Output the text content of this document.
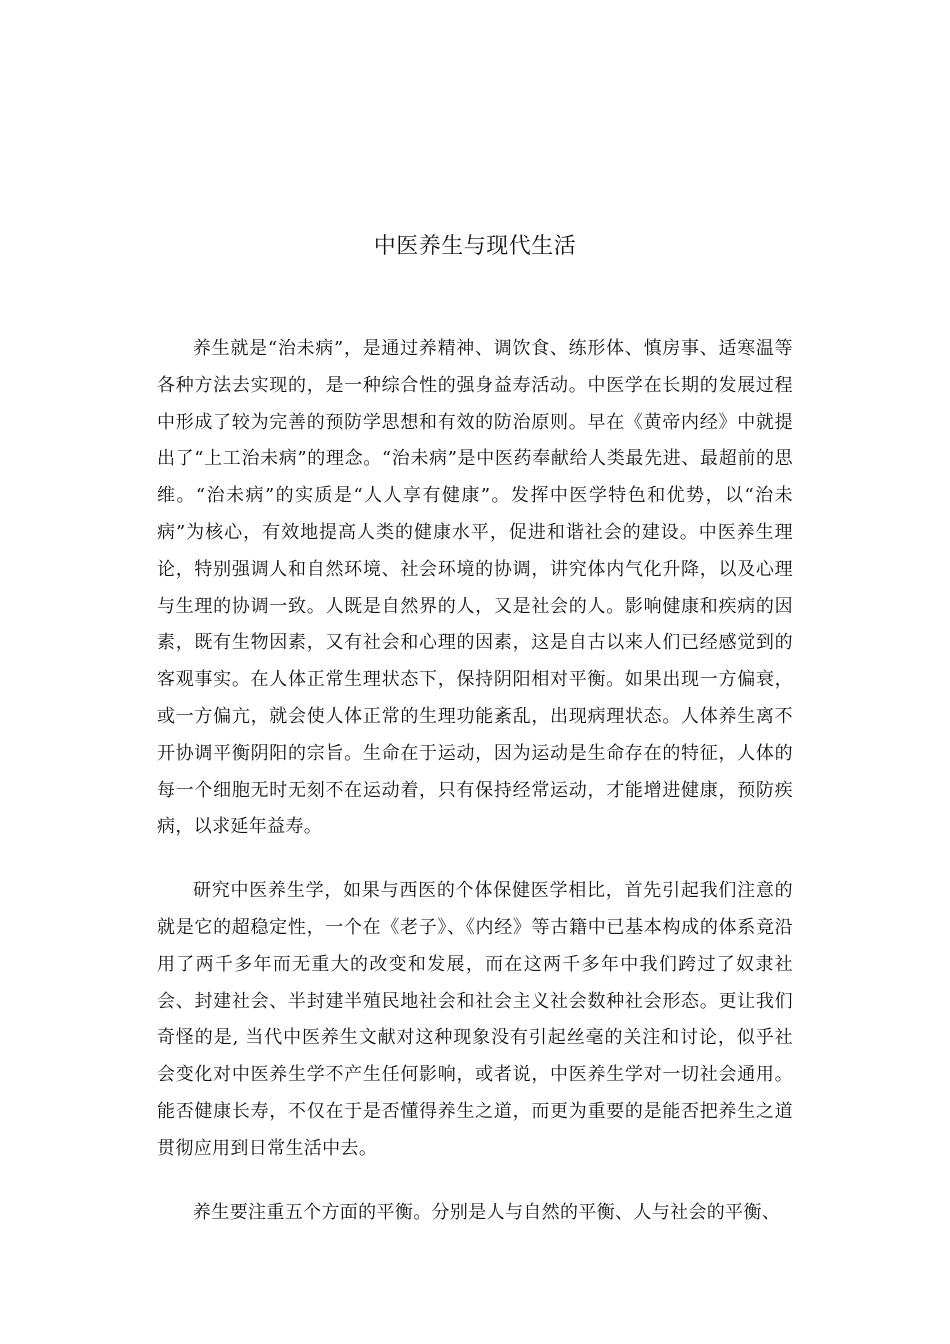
中医养生与现代生活

养生就是“治未病”，是通过养精神、调饮食、练形体、慎房事、适寒温等各种方法去实现的，是一种综合性的强身益寿活动。中医学在长期的发展过程中形成了较为完善的预防学思想和有效的防治原则。早在《黄帝内经》中就提出了“上工治未病”的理念。“治未病”是中医药奉献给人类最先进、最超前的思维。“治未病”的实质是“人人享有健康”。发挥中医学特色和优势，以“治未病”为核心，有效地提高人类的健康水平，促进和谐社会的建设。中医养生理论，特别强调人和自然环境、社会环境的协调，讲究体内气化升降，以及心理与生理的协调一致。人既是自然界的人，又是社会的人。影响健康和疾病的因素，既有生物因素，又有社会和心理的因素，这是自古以来人们已经感觉到的客观事实。在人体正常生理状态下，保持阴阳相对平衡。如果出现一方偏衰，或一方偏亢，就会使人体正常的生理功能紊乱，出现病理状态。人体养生离不开协调平衡阴阳的宗旨。生命在于运动，因为运动是生命存在的特征，人体的每一个细胞无时无刻不在运动着，只有保持经常运动，才能增进健康，预防疾病，以求延年益寿。

研究中医养生学，如果与西医的个体保健医学相比，首先引起我们注意的就是它的超稳定性，一个在《老子》、《内经》等古籍中已基本构成的体系竟沿用了两千多年而无重大的改变和发展，而在这两千多年中我们跨过了奴隶社会、封建社会、半封建半殖民地社会和社会主义社会数种社会形态。更让我们奇怪的是, 当代中医养生文献对这种现象没有引起丝毫的关注和讨论，似乎社会变化对中医养生学不产生任何影响，或者说，中医养生学对一切社会通用。能否健康长寿，不仅在于是否懂得养生之道，而更为重要的是能否把养生之道贯彻应用到日常生活中去。

养生要注重五个方面的平衡。分别是人与自然的平衡、人与社会的平衡、
